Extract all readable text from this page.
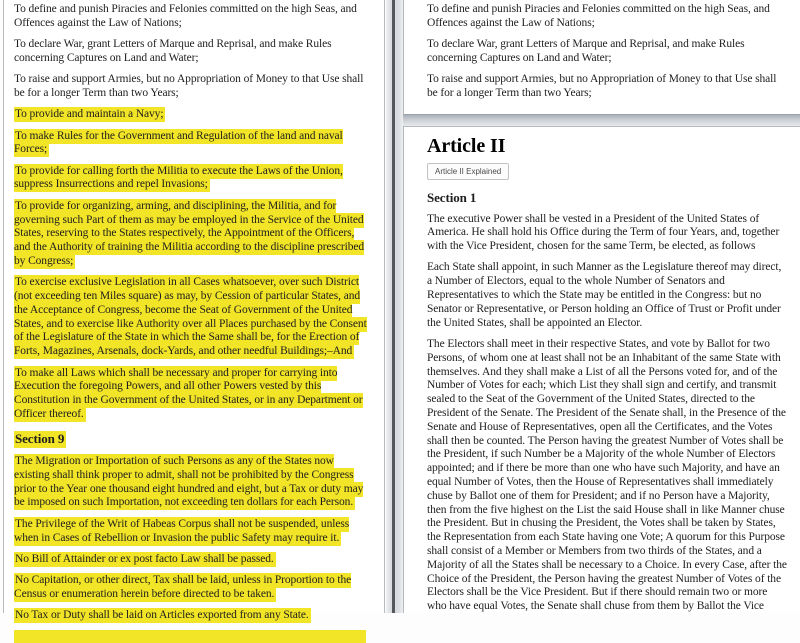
To define and punish Piracies and Felonies committed on the high Seas, and Offences against the Law of Nations;

To declare War, grant Letters of Marque and Reprisal, and make Rules concerning Captures on Land and Water;

To raise and support Armies, but no Appropriation of Money to that Use shall be for a longer Term than two Years;

To provide and maintain a Navy;

To make Rules for the Government and Regulation of the land and naval Forces;

To provide for calling forth the Militia to execute the Laws of the Union, suppress Insurrections and repel Invasions;

To provide for organizing, arming, and disciplining, the Militia, and for governing such Part of them as may be employed in the Service of the United States, reserving to the States respectively, the Appointment of the Officers, and the Authority of training the Militia according to the discipline prescribed by Congress;

To exercise exclusive Legislation in all Cases whatsoever, over such District (not exceeding ten Miles square) as may, by Cession of particular States, and the Acceptance of Congress, become the Seat of Government of the United States, and to exercise like Authority over all Places purchased by the Consent of the Legislature of the State in which the Same shall be, for the Erection of Forts, Magazines, Arsenals, dock-Yards, and other needful Buildings;–And

To make all Laws which shall be necessary and proper for carrying into Execution the foregoing Powers, and all other Powers vested by this Constitution in the Government of the United States, or in any Department or Officer thereof.

Section 9

The Migration or Importation of such Persons as any of the States now existing shall think proper to admit, shall not be prohibited by the Congress prior to the Year one thousand eight hundred and eight, but a Tax or duty may be imposed on such Importation, not exceeding ten dollars for each Person.

The Privilege of the Writ of Habeas Corpus shall not be suspended, unless when in Cases of Rebellion or Invasion the public Safety may require it.

No Bill of Attainder or ex post facto Law shall be passed.

No Capitation, or other direct, Tax shall be laid, unless in Proportion to the Census or enumeration herein before directed to be taken.

No Tax or Duty shall be laid on Articles exported from any State.

To define and punish Piracies and Felonies committed on the high Seas, and Offences against the Law of Nations;

To declare War, grant Letters of Marque and Reprisal, and make Rules concerning Captures on Land and Water;

To raise and support Armies, but no Appropriation of Money to that Use shall be for a longer Term than two Years;

Article II
Article II Explained
Section 1

The executive Power shall be vested in a President of the United States of America. He shall hold his Office during the Term of four Years, and, together with the Vice President, chosen for the same Term, be elected, as follows

Each State shall appoint, in such Manner as the Legislature thereof may direct, a Number of Electors, equal to the whole Number of Senators and Representatives to which the State may be entitled in the Congress: but no Senator or Representative, or Person holding an Office of Trust or Profit under the United States, shall be appointed an Elector.

The Electors shall meet in their respective States, and vote by Ballot for two Persons, of whom one at least shall not be an Inhabitant of the same State with themselves. And they shall make a List of all the Persons voted for, and of the Number of Votes for each; which List they shall sign and certify, and transmit sealed to the Seat of the Government of the United States, directed to the President of the Senate. The President of the Senate shall, in the Presence of the Senate and House of Representatives, open all the Certificates, and the Votes shall then be counted. The Person having the greatest Number of Votes shall be the President, if such Number be a Majority of the whole Number of Electors appointed; and if there be more than one who have such Majority, and have an equal Number of Votes, then the House of Representatives shall immediately chuse by Ballot one of them for President; and if no Person have a Majority, then from the five highest on the List the said House shall in like Manner chuse the President. But in chusing the President, the Votes shall be taken by States, the Representation from each State having one Vote; A quorum for this Purpose shall consist of a Member or Members from two thirds of the States, and a Majority of all the States shall be necessary to a Choice. In every Case, after the Choice of the President, the Person having the greatest Number of Votes of the Electors shall be the Vice President. But if there should remain two or more who have equal Votes, the Senate shall chuse from them by Ballot the Vice
